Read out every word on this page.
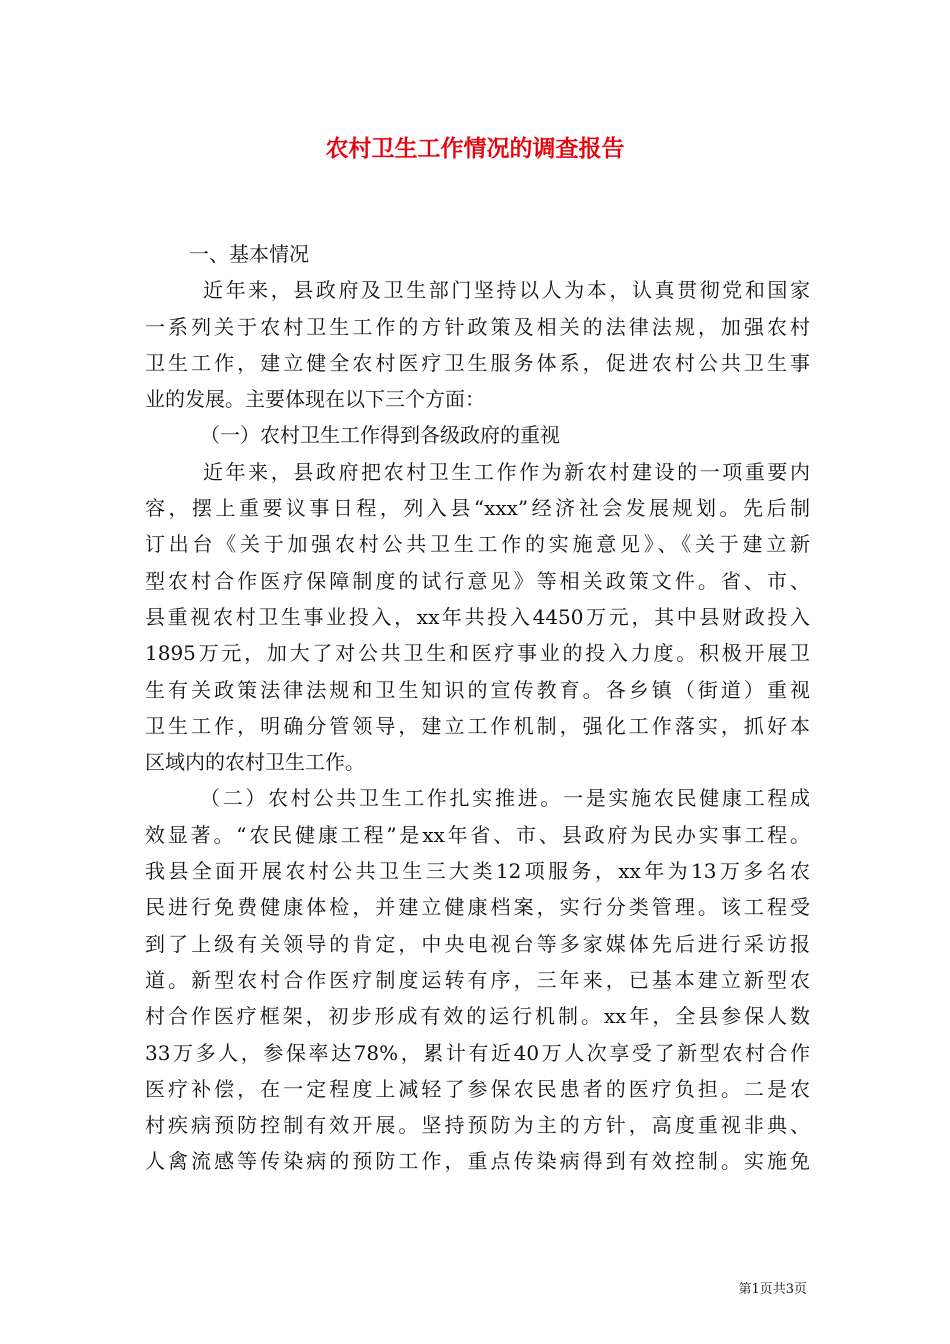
农村卫生工作情况的调查报告
一、基本情况
近年来，县政府及卫生部门坚持以人为本，认真贯彻党和国家
一系列关于农村卫生工作的方针政策及相关的法律法规，加强农村
卫生工作，建立健全农村医疗卫生服务体系，促进农村公共卫生事
业的发展。主要体现在以下三个方面：
（一）农村卫生工作得到各级政府的重视
近年来，县政府把农村卫生工作作为新农村建设的一项重要内
容，摆上重要议事日程，列入县“xxx”经济社会发展规划。先后制
订出台《关于加强农村公共卫生工作的实施意见》、《关于建立新
型农村合作医疗保障制度的试行意见》等相关政策文件。省、市、
县重视农村卫生事业投入，xx年共投入4450万元，其中县财政投入
1895万元，加大了对公共卫生和医疗事业的投入力度。积极开展卫
生有关政策法律法规和卫生知识的宣传教育。各乡镇（街道）重视
卫生工作，明确分管领导，建立工作机制，强化工作落实，抓好本
区域内的农村卫生工作。
（二）农村公共卫生工作扎实推进。一是实施农民健康工程成
效显著。“农民健康工程”是xx年省、市、县政府为民办实事工程。
我县全面开展农村公共卫生三大类12项服务，xx年为13万多名农
民进行免费健康体检，并建立健康档案，实行分类管理。该工程受
到了上级有关领导的肯定，中央电视台等多家媒体先后进行采访报
道。新型农村合作医疗制度运转有序，三年来，已基本建立新型农
村合作医疗框架，初步形成有效的运行机制。xx年，全县参保人数
33万多人，参保率达78%，累计有近40万人次享受了新型农村合作
医疗补偿，在一定程度上减轻了参保农民患者的医疗负担。二是农
村疾病预防控制有效开展。坚持预防为主的方针，高度重视非典、
人禽流感等传染病的预防工作，重点传染病得到有效控制。实施免
第1页共3页
